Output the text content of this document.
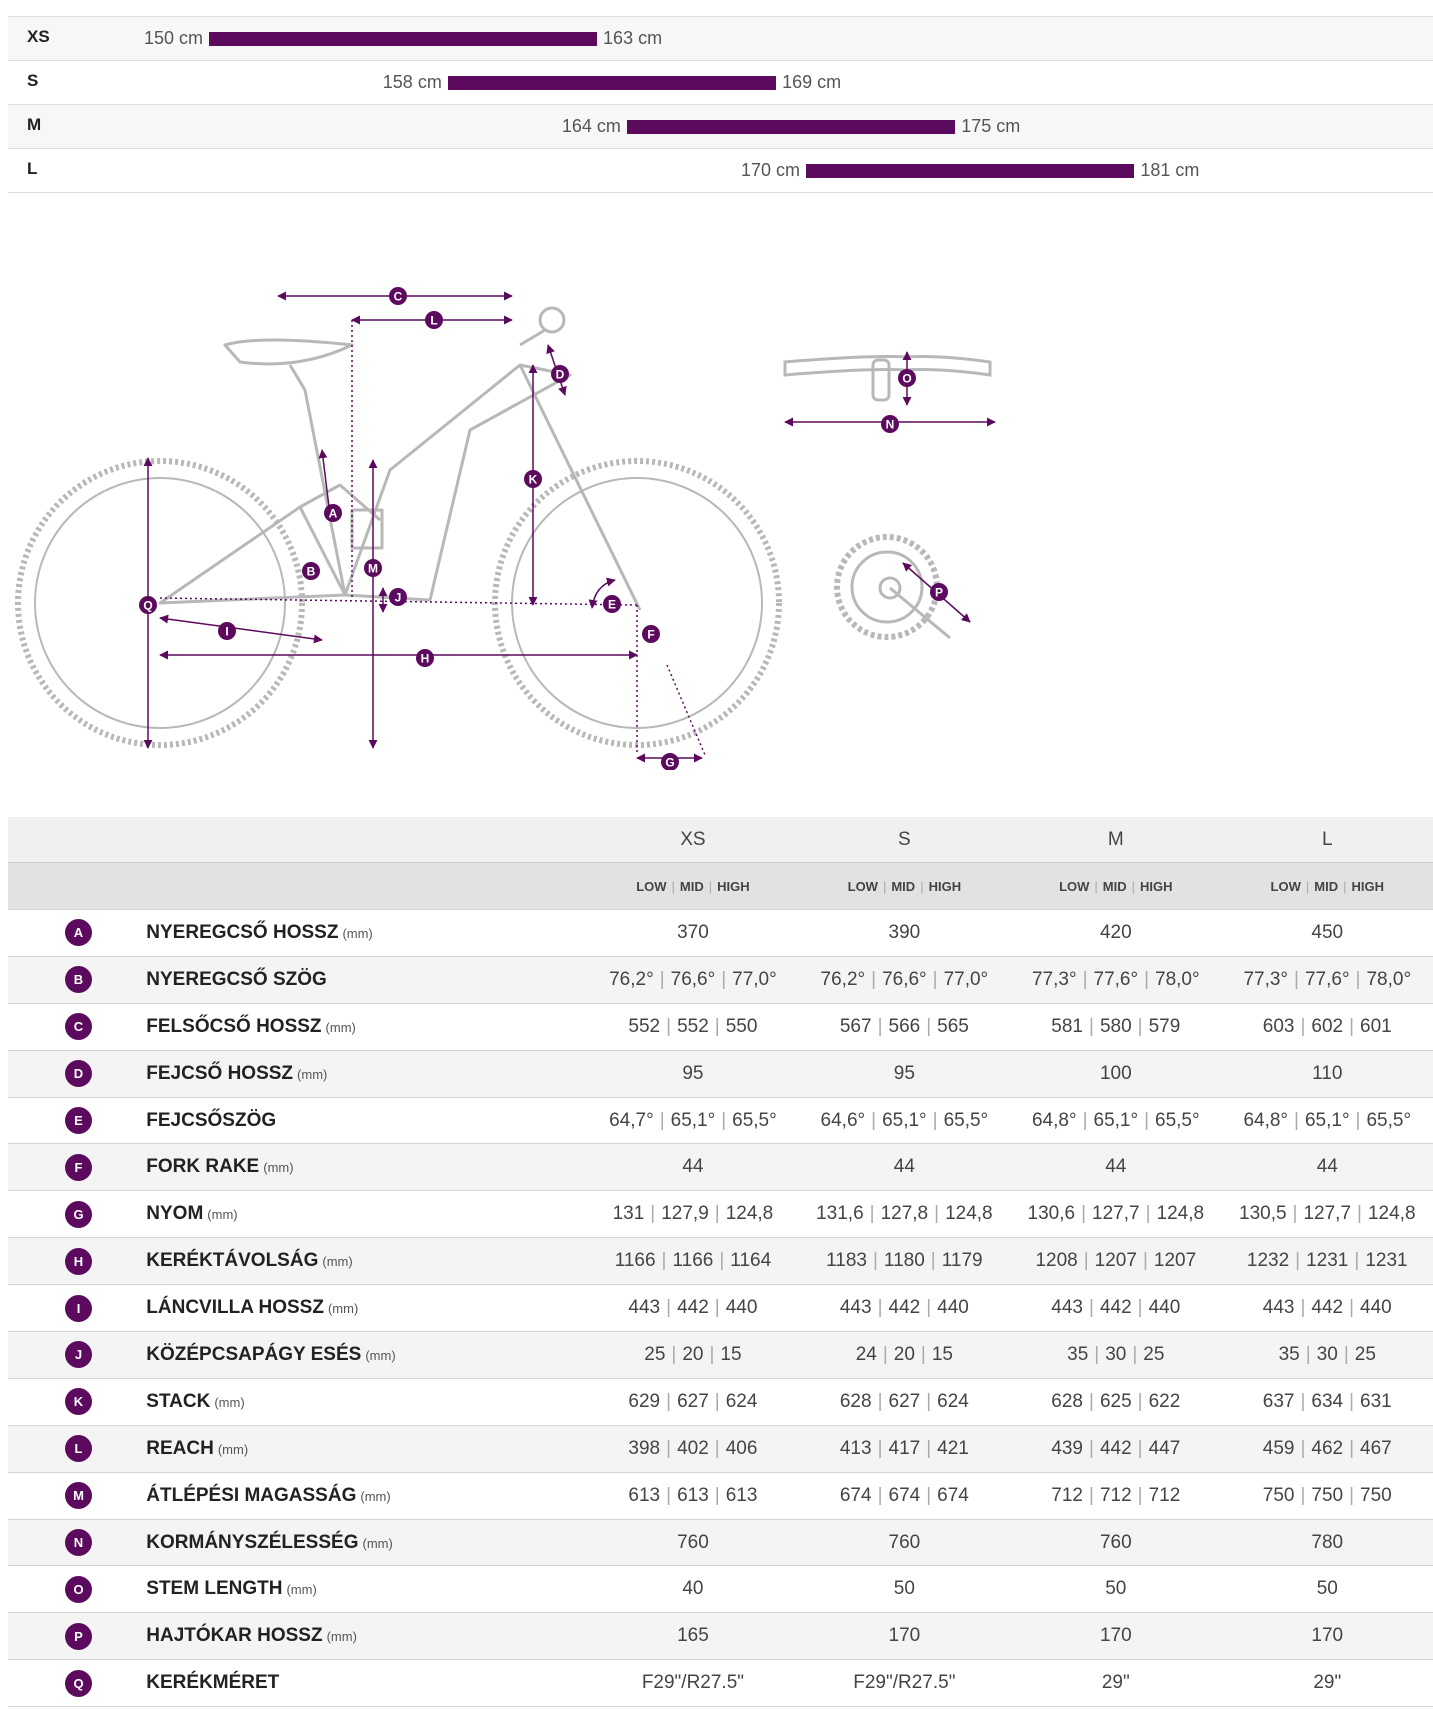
XS	150 cm	163 cm
S	158 cm	169 cm
M	164 cm	175 cm
L	170 cm	181 cm
A
B
C
D
E
F
G
H
I
J
K
L
M
N
O
P
Q
		XS	S	M	L
		LOW | MID | HIGH	LOW | MID | HIGH	LOW | MID | HIGH	LOW | MID | HIGH
A	NYEREGCSŐ HOSSZ (mm)	370	390	420	450
B	NYEREGCSŐ SZÖG	76,2° | 76,6° | 77,0°	76,2° | 76,6° | 77,0°	77,3° | 77,6° | 78,0°	77,3° | 77,6° | 78,0°
C	FELSŐCSŐ HOSSZ (mm)	552 | 552 | 550	567 | 566 | 565	581 | 580 | 579	603 | 602 | 601
D	FEJCSŐ HOSSZ (mm)	95	95	100	110
E	FEJCSŐSZÖG	64,7° | 65,1° | 65,5°	64,6° | 65,1° | 65,5°	64,8° | 65,1° | 65,5°	64,8° | 65,1° | 65,5°
F	FORK RAKE (mm)	44	44	44	44
G	NYOM (mm)	131 | 127,9 | 124,8	131,6 | 127,8 | 124,8	130,6 | 127,7 | 124,8	130,5 | 127,7 | 124,8
H	KERÉKTÁVOLSÁG (mm)	1166 | 1166 | 1164	1183 | 1180 | 1179	1208 | 1207 | 1207	1232 | 1231 | 1231
I	LÁNCVILLA HOSSZ (mm)	443 | 442 | 440	443 | 442 | 440	443 | 442 | 440	443 | 442 | 440
J	KÖZÉPCSAPÁGY ESÉS (mm)	25 | 20 | 15	24 | 20 | 15	35 | 30 | 25	35 | 30 | 25
K	STACK (mm)	629 | 627 | 624	628 | 627 | 624	628 | 625 | 622	637 | 634 | 631
L	REACH (mm)	398 | 402 | 406	413 | 417 | 421	439 | 442 | 447	459 | 462 | 467
M	ÁTLÉPÉSI MAGASSÁG (mm)	613 | 613 | 613	674 | 674 | 674	712 | 712 | 712	750 | 750 | 750
N	KORMÁNYSZÉLESSÉG (mm)	760	760	760	780
O	STEM LENGTH (mm)	40	50	50	50
P	HAJTÓKAR HOSSZ (mm)	165	170	170	170
Q	KERÉKMÉRET	F29"/R27.5"	F29"/R27.5"	29"	29"
